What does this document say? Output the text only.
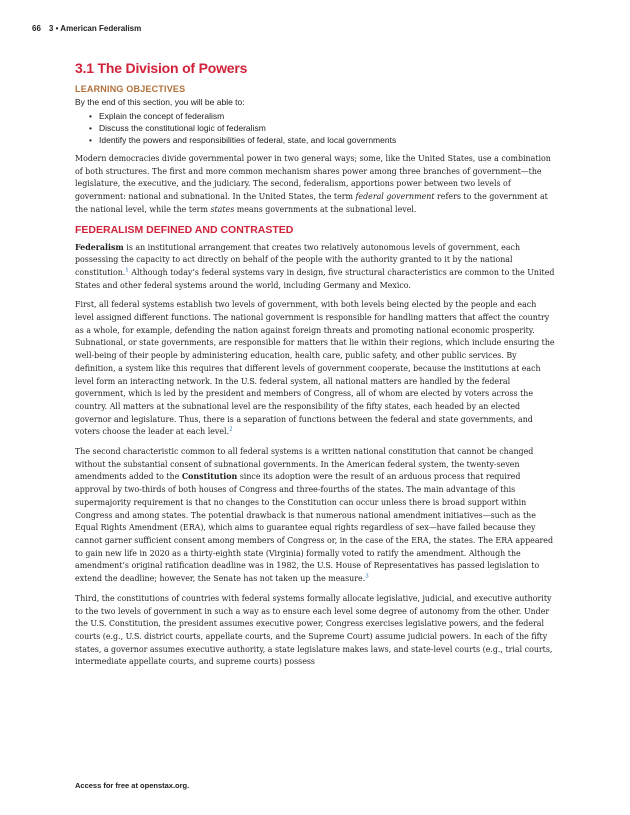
66 3 • American Federalism
3.1 The Division of Powers
LEARNING OBJECTIVES
By the end of this section, you will be able to:
• Explain the concept of federalism
• Discuss the constitutional logic of federalism
• Identify the powers and responsibilities of federal, state, and local governments

Modern democracies divide governmental power in two general ways; some, like the United States, use a combination of both structures. The first and more common mechanism shares power among three branches of government—the legislature, the executive, and the judiciary. The second, federalism, apportions power between two levels of government: national and subnational. In the United States, the term federal government refers to the government at the national level, while the term states means governments at the subnational level.

FEDERALISM DEFINED AND CONTRASTED

Federalism is an institutional arrangement that creates two relatively autonomous levels of government, each possessing the capacity to act directly on behalf of the people with the authority granted to it by the national constitution.$^1$ Although today’s federal systems vary in design, five structural characteristics are common to the United States and other federal systems around the world, including Germany and Mexico.

First, all federal systems establish two levels of government, with both levels being elected by the people and each level assigned different functions. The national government is responsible for handling matters that affect the country as a whole, for example, defending the nation against foreign threats and promoting national economic prosperity. Subnational, or state governments, are responsible for matters that lie within their regions, which include ensuring the well-being of their people by administering education, health care, public safety, and other public services. By definition, a system like this requires that different levels of government cooperate, because the institutions at each level form an interacting network. In the U.S. federal system, all national matters are handled by the federal government, which is led by the president and members of Congress, all of whom are elected by voters across the country. All matters at the subnational level are the responsibility of the fifty states, each headed by an elected governor and legislature. Thus, there is a separation of functions between the federal and state governments, and voters choose the leader at each level.$^2$

The second characteristic common to all federal systems is a written national constitution that cannot be changed without the substantial consent of subnational governments. In the American federal system, the twenty-seven amendments added to the Constitution since its adoption were the result of an arduous process that required approval by two-thirds of both houses of Congress and three-fourths of the states. The main advantage of this supermajority requirement is that no changes to the Constitution can occur unless there is broad support within Congress and among states. The potential drawback is that numerous national amendment initiatives—such as the Equal Rights Amendment (ERA), which aims to guarantee equal rights regardless of sex—have failed because they cannot garner sufficient consent among members of Congress or, in the case of the ERA, the states. The ERA appeared to gain new life in 2020 as a thirty-eighth state (Virginia) formally voted to ratify the amendment. Although the amendment’s original ratification deadline was in 1982, the U.S. House of Representatives has passed legislation to extend the deadline; however, the Senate has not taken up the measure.$^3$

Third, the constitutions of countries with federal systems formally allocate legislative, judicial, and executive authority to the two levels of government in such a way as to ensure each level some degree of autonomy from the other. Under the U.S. Constitution, the president assumes executive power, Congress exercises legislative powers, and the federal courts (e.g., U.S. district courts, appellate courts, and the Supreme Court) assume judicial powers. In each of the fifty states, a governor assumes executive authority, a state legislature makes laws, and state-level courts (e.g., trial courts, intermediate appellate courts, and supreme courts) possess

Access for free at openstax.org.
